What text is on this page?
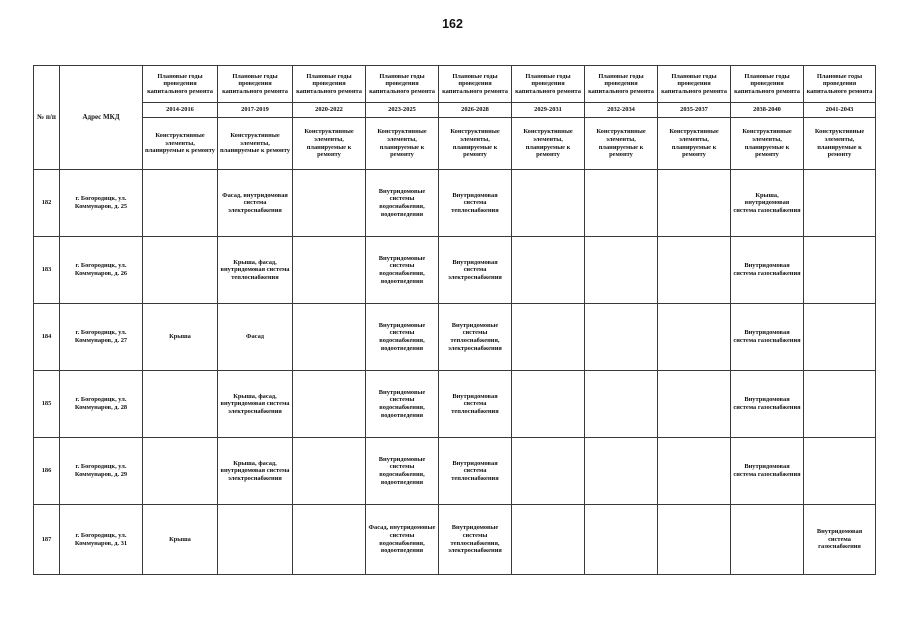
162
№ п/п	Адрес МКД	Плановые годы проведения капитального ремонта	Плановые годы проведения капитального ремонта	Плановые годы проведения капитального ремонта	Плановые годы проведения капитального ремонта	Плановые годы проведения капитального ремонта	Плановые годы проведения капитального ремонта	Плановые годы проведения капитального ремонта	Плановые годы проведения капитального ремонта	Плановые годы проведения капитального ремонта	Плановые годы проведения капитального ремонта
		2014-2016	2017-2019	2020-2022	2023-2025	2026-2028	2029-2031	2032-2034	2035-2037	2038-2040	2041-2043
		Конструктивные элементы, планируемые к ремонту	Конструктивные элементы, планируемые к ремонту	Конструктивные элементы, планируемые к ремонту	Конструктивные элементы, планируемые к ремонту	Конструктивные элементы, планируемые к ремонту	Конструктивные элементы, планируемые к ремонту	Конструктивные элементы, планируемые к ремонту	Конструктивные элементы, планируемые к ремонту	Конструктивные элементы, планируемые к ремонту	Конструктивные элементы, планируемые к ремонту
182	г. Богородицк, ул. Коммунаров, д. 25		Фасад, внутридомовая система электроснабжения		Внутридомовые системы водоснабжения, водоотведения	Внутридомовая система теплоснабжения				Крыша, внутридомовая система газоснабжения	
183	г. Богородицк, ул. Коммунаров, д. 26		Крыша, фасад, внутридомовая система теплоснабжения		Внутридомовые системы водоснабжения, водоотведения	Внутридомовая система электроснабжения				Внутридомовая система газоснабжения	
184	г. Богородицк, ул. Коммунаров, д. 27	Крыша	Фасад		Внутридомовые системы водоснабжения, водоотведения	Внутридомовые системы теплоснабжения, электроснабжения				Внутридомовая система газоснабжения	
185	г. Богородицк, ул. Коммунаров, д. 28		Крыша, фасад, внутридомовая система электроснабжения		Внутридомовые системы водоснабжения, водоотведения	Внутридомовая система теплоснабжения				Внутридомовая система газоснабжения	
186	г. Богородицк, ул. Коммунаров, д. 29		Крыша, фасад, внутридомовая система электроснабжения		Внутридомовые системы водоснабжения, водоотведения	Внутридомовая система теплоснабжения				Внутридомовая система газоснабжения	
187	г. Богородицк, ул. Коммунаров, д. 31	Крыша			Фасад, внутридомовые системы водоснабжения, водоотведения	Внутридомовые системы теплоснабжения, электроснабжения					Внутридомовая система газоснабжения
